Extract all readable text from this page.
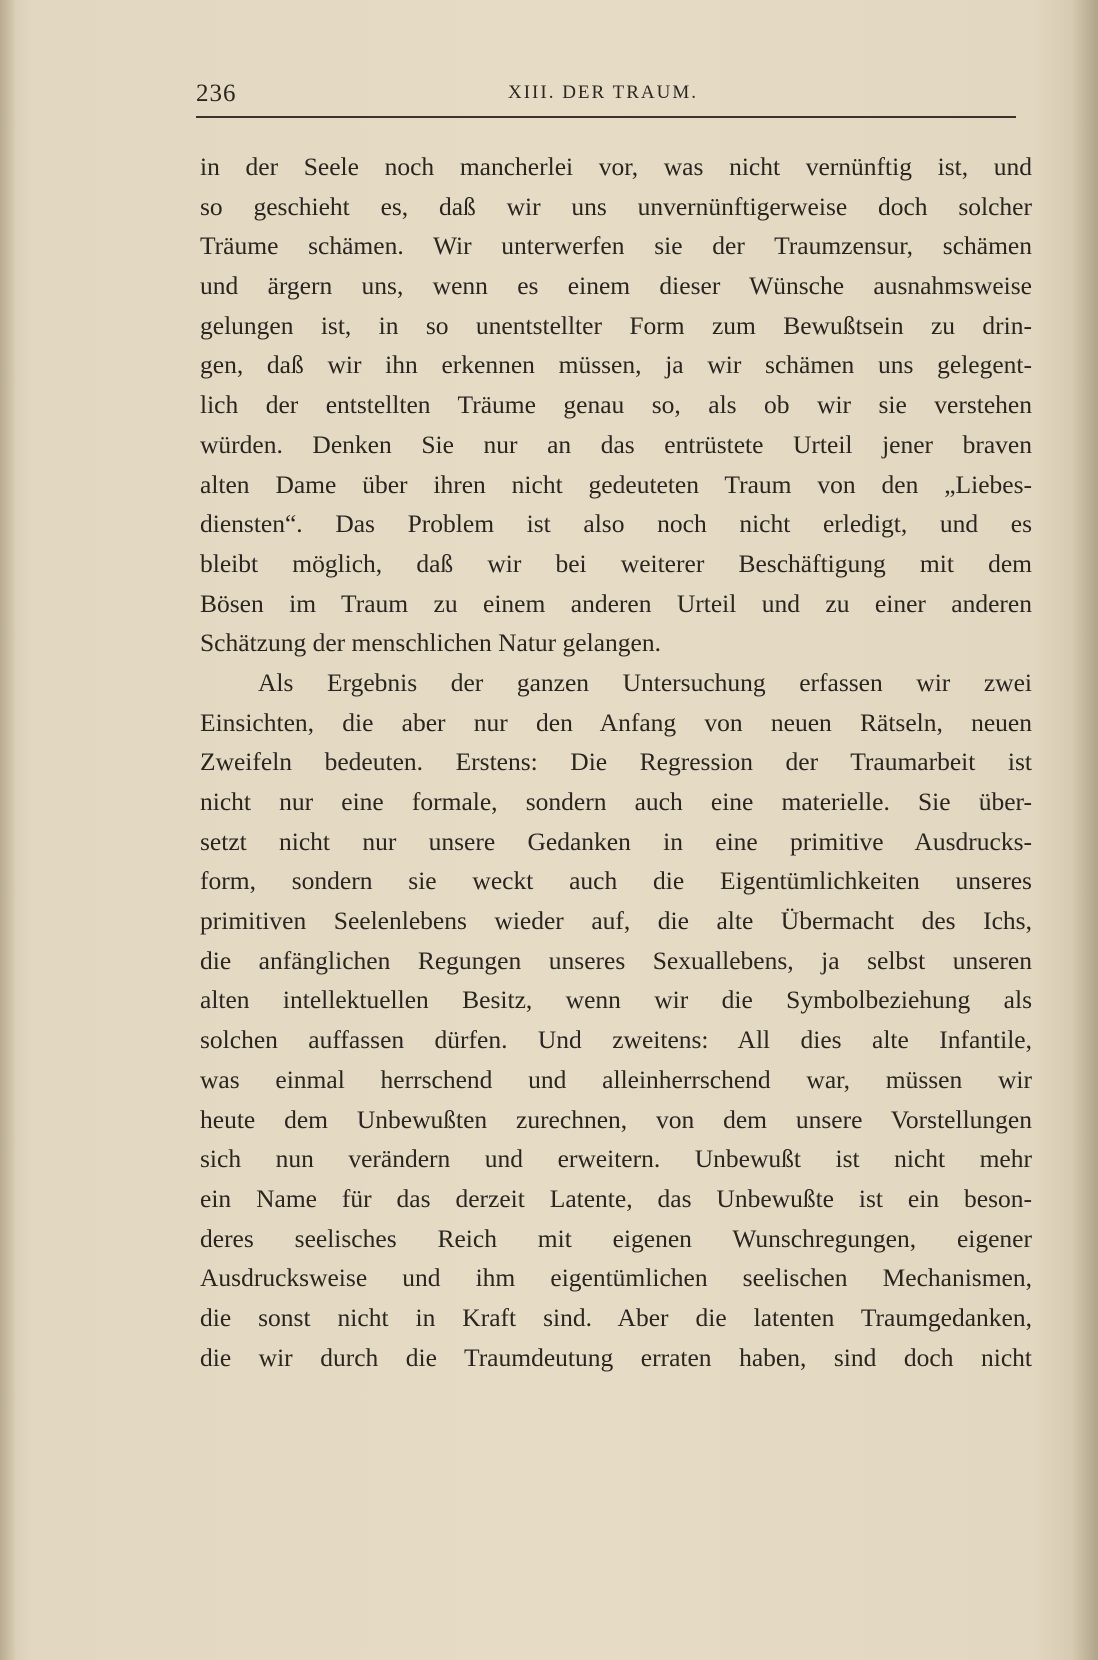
236	XIII. DER TRAUM.
in der Seele noch mancherlei vor, was nicht vernünftig ist, und
so geschieht es, daß wir uns unvernünftigerweise doch solcher
Träume schämen. Wir unterwerfen sie der Traumzensur, schämen
und ärgern uns, wenn es einem dieser Wünsche ausnahmsweise
gelungen ist, in so unentstellter Form zum Bewußtsein zu drin-
gen, daß wir ihn erkennen müssen, ja wir schämen uns gelegent-
lich der entstellten Träume genau so, als ob wir sie verstehen
würden. Denken Sie nur an das entrüstete Urteil jener braven
alten Dame über ihren nicht gedeuteten Traum von den „Liebes-
diensten“. Das Problem ist also noch nicht erledigt, und es
bleibt möglich, daß wir bei weiterer Beschäftigung mit dem
Bösen im Traum zu einem anderen Urteil und zu einer anderen
Schätzung der menschlichen Natur gelangen.
Als Ergebnis der ganzen Untersuchung erfassen wir zwei
Einsichten, die aber nur den Anfang von neuen Rätseln, neuen
Zweifeln bedeuten. Erstens: Die Regression der Traumarbeit ist
nicht nur eine formale, sondern auch eine materielle. Sie über-
setzt nicht nur unsere Gedanken in eine primitive Ausdrucks-
form, sondern sie weckt auch die Eigentümlichkeiten unseres
primitiven Seelenlebens wieder auf, die alte Übermacht des Ichs,
die anfänglichen Regungen unseres Sexuallebens, ja selbst unseren
alten intellektuellen Besitz, wenn wir die Symbolbeziehung als
solchen auffassen dürfen. Und zweitens: All dies alte Infantile,
was einmal herrschend und alleinherrschend war, müssen wir
heute dem Unbewußten zurechnen, von dem unsere Vorstellungen
sich nun verändern und erweitern. Unbewußt ist nicht mehr
ein Name für das derzeit Latente, das Unbewußte ist ein beson-
deres seelisches Reich mit eigenen Wunschregungen, eigener
Ausdrucksweise und ihm eigentümlichen seelischen Mechanismen,
die sonst nicht in Kraft sind. Aber die latenten Traumgedanken,
die wir durch die Traumdeutung erraten haben, sind doch nicht
